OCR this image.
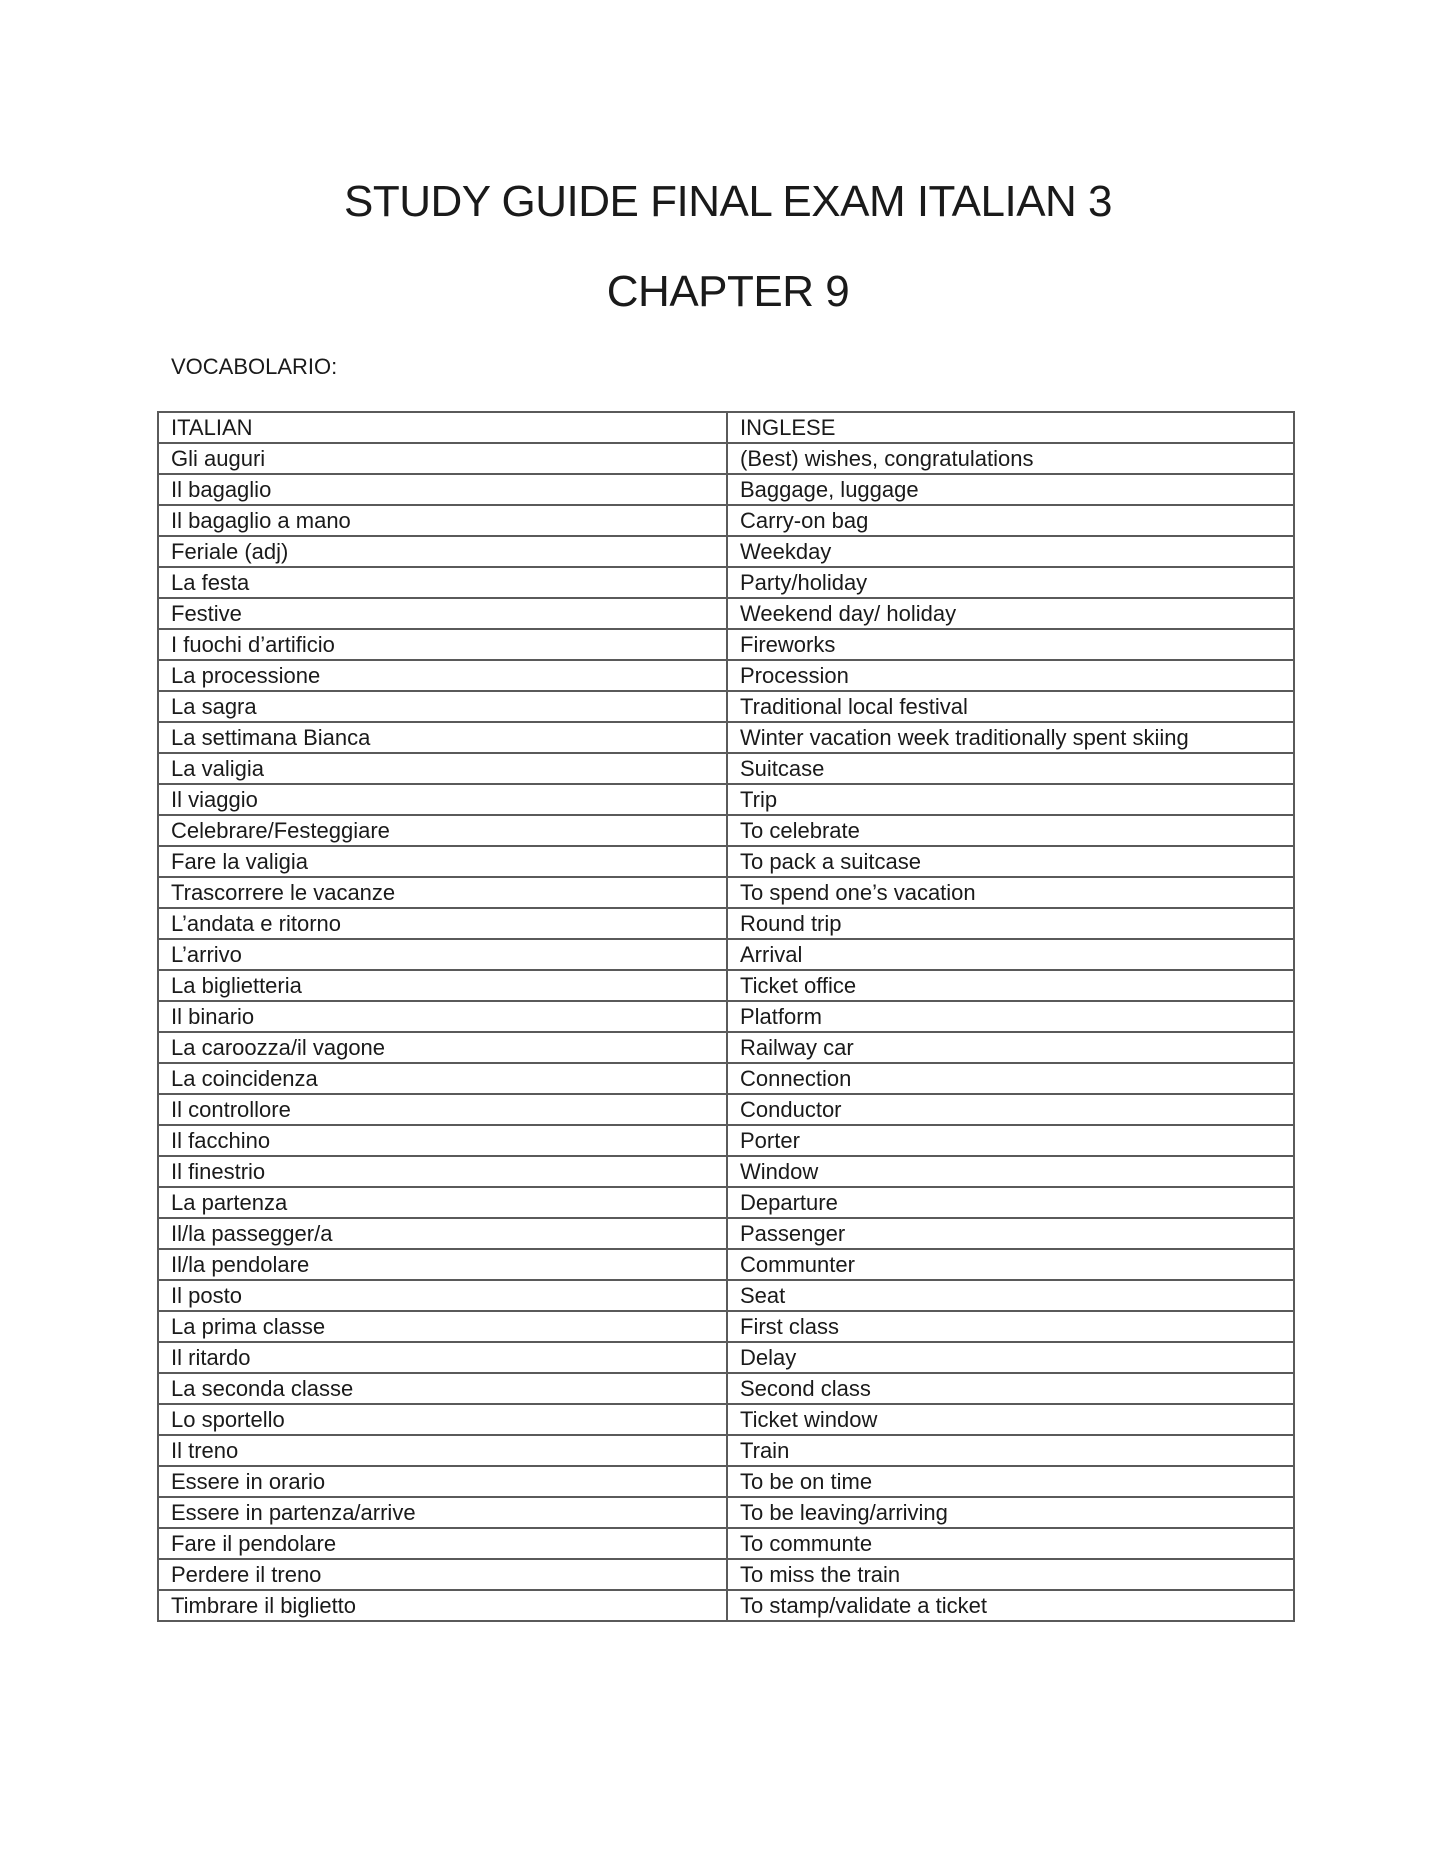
STUDY GUIDE FINAL EXAM ITALIAN 3
CHAPTER 9
VOCABOLARIO:
ITALIAN	INGLESE
Gli auguri	(Best) wishes, congratulations
Il bagaglio	Baggage, luggage
Il bagaglio a mano	Carry-on bag
Feriale (adj)	Weekday
La festa	Party/holiday
Festive	Weekend day/ holiday
I fuochi d’artificio	Fireworks
La processione	Procession
La sagra	Traditional local festival
La settimana Bianca	Winter vacation week traditionally spent skiing
La valigia	Suitcase
Il viaggio	Trip
Celebrare/Festeggiare	To celebrate
Fare la valigia	To pack a suitcase
Trascorrere le vacanze	To spend one’s vacation
L’andata e ritorno	Round trip
L’arrivo	Arrival
La biglietteria	Ticket office
Il binario	Platform
La caroozza/il vagone	Railway car
La coincidenza	Connection
Il controllore	Conductor
Il facchino	Porter
Il finestrio	Window
La partenza	Departure
Il/la passegger/a	Passenger
Il/la pendolare	Communter
Il posto	Seat
La prima classe	First class
Il ritardo	Delay
La seconda classe	Second class
Lo sportello	Ticket window
Il treno	Train
Essere in orario	To be on time
Essere in partenza/arrive	To be leaving/arriving
Fare il pendolare	To communte
Perdere il treno	To miss the train
Timbrare il biglietto	To stamp/validate a ticket
